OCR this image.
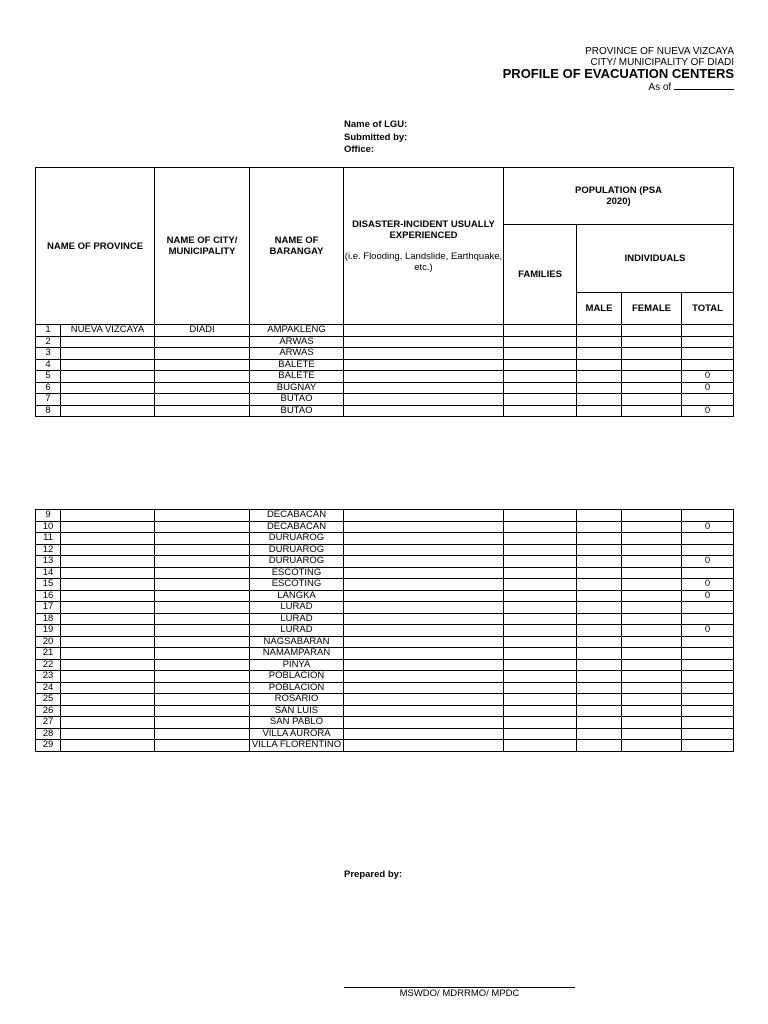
PROVINCE OF NUEVA VIZCAYA
CITY/ MUNICIPALITY OF DIADI
PROFILE OF EVACUATION CENTERS
As of
Name of LGU:
Submitted by:
Office:
NAME OF PROVINCE		NAME OF CITY/ MUNICIPALITY	NAME OF BARANGAY	DISASTER-INCIDENT USUALLY EXPERIENCED
(i.e. Flooding, Landslide, Earthquake, etc.)	POPULATION (PSA 2020)			
					FAMILIES	INDIVIDUALS		
						MALE	FEMALE	TOTAL
1	NUEVA VIZCAYA	DIADI	AMPAKLENG					
2			ARWAS					
3			ARWAS					
4			BALETE					
5			BALETE					0
6			BUGNAY					0
7			BUTAO					
8			BUTAO					0
9			DECABACAN					
10			DECABACAN					0
11			DURUAROG					
12			DURUAROG					
13			DURUAROG					0
14			ESCOTING					
15			ESCOTING					0
16			LANGKA					0
17			LURAD					
18			LURAD					
19			LURAD					0
20			NAGSABARAN					
21			NAMAMPARAN					
22			PINYA					
23			POBLACION					
24			POBLACION					
25			ROSARIO					
26			SAN LUIS					
27			SAN PABLO					
28			VILLA AURORA					
29			VILLA FLORENTINO					
Prepared by:
MSWDO/ MDRRMO/ MPDC
